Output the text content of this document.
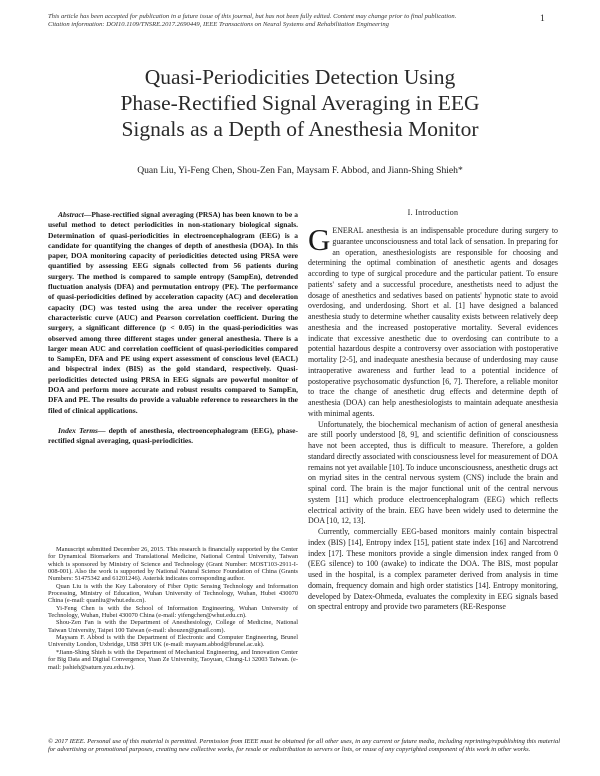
This article has been accepted for publication in a future issue of this journal, but has not been fully edited. Content may change prior to final publication.
Citation information: DOI10.1109/TNSRE.2017.2690449, IEEE Transactions on Neural Systems and Rehabilitation Engineering
1
Quasi-Periodicities Detection Using
Phase-Rectified Signal Averaging in EEG
Signals as a Depth of Anesthesia Monitor
Quan Liu, Yi-Feng Chen, Shou-Zen Fan, Maysam F. Abbod, and Jiann-Shing Shieh*

Abstract—Phase-rectified signal averaging (PRSA) has been known to be a useful method to detect periodicities in non-stationary biological signals. Determination of quasi-periodicities in electroencephalogram (EEG) is a candidate for quantifying the changes of depth of anesthesia (DOA). In this paper, DOA monitoring capacity of periodicities detected using PRSA were quantified by assessing EEG signals collected from 56 patients during surgery. The method is compared to sample entropy (SampEn), detrended fluctuation analysis (DFA) and permutation entropy (PE). The performance of quasi-periodicities defined by acceleration capacity (AC) and deceleration capacity (DC) was tested using the area under the receiver operating characteristic curve (AUC) and Pearson correlation coefficient. During the surgery, a significant difference (p < 0.05) in the quasi-periodicities was observed among three different stages under general anesthesia. There is a larger mean AUC and correlation coefficient of quasi-periodicities compared to SampEn, DFA and PE using expert assessment of conscious level (EACL) and bispectral index (BIS) as the gold standard, respectively. Quasi-periodicities detected using PRSA in EEG signals are powerful monitor of DOA and perform more accurate and robust results compared to SampEn, DFA and PE. The results do provide a valuable reference to researchers in the filed of clinical applications.

Index Terms— depth of anesthesia, electroencephalogram (EEG), phase-rectified signal averaging, quasi-periodicities.

Manuscript submitted December 26, 2015. This research is financially supported by the Center for Dynamical Biomarkers and Translational Medicine, National Central University, Taiwan which is sponsored by Ministry of Science and Technology (Grant Number: MOST103-2911-I-008-001). Also the work is supported by National Natural Science Foundation of China (Grants Numbers: 51475342 and 61201246). Asterisk indicates corresponding author.

Quan Liu is with the Key Laboratory of Fiber Optic Sensing Technology and Information Processing, Ministry of Education, Wuhan University of Technology, Wuhan, Hubei 430070 China (e-mail: quanliu@whut.edu.cn).

Yi-Feng Chen is with the School of Information Engineering, Wuhan University of Technology, Wuhan, Hubei 430070 China (e-mail: yifengchen@whut.edu.cn).

Shou-Zen Fan is with the Department of Anesthesiology, College of Medicine, National Taiwan University, Taipei 100 Taiwan (e-mail: shouzen@gmail.com).

Maysam F. Abbod is with the Department of Electronic and Computer Engineering, Brunel University London, Uxbridge, UB8 3PH UK (e-mail: maysam.abbod@brunel.ac.uk).

*Jiann-Shing Shieh is with the Department of Mechanical Engineering, and Innovation Center for Big Data and Digital Convergence, Yuan Ze University, Taoyuan, Chung-Li 32003 Taiwan. (e-mail: jsshieh@saturn.yzu.edu.tw).

I. Introduction

GENERAL anesthesia is an indispensable procedure during surgery to guarantee unconsciousness and total lack of sensation. In preparing for an operation, anesthesiologists are responsible for choosing and determining the optimal combination of anesthetic agents and dosages according to type of surgical procedure and the particular patient. To ensure patients' safety and a successful procedure, anesthetists need to adjust the dosage of anesthetics and sedatives based on patients' hypnotic state to avoid overdosing, and underdosing. Short et al. [1] have designed a balanced anesthesia study to determine whether causality exists between relatively deep anesthesia and the increased postoperative mortality. Several evidences indicate that excessive anesthetic due to overdosing can contribute to a potential hazardous despite a controversy over association with postoperative mortality [2-5], and inadequate anesthesia because of underdosing may cause intraoperative awareness and further lead to a potential incidence of postoperative psychosomatic dysfunction [6, 7]. Therefore, a reliable monitor to trace the change of anesthetic drug effects and determine depth of anesthesia (DOA) can help anesthesiologists to maintain adequate anesthesia with minimal agents.

Unfortunately, the biochemical mechanism of action of general anesthesia are still poorly understood [8, 9], and scientific definition of consciousness have not been accepted, thus is difficult to measure. Therefore, a golden standard directly associated with consciousness level for measurement of DOA remains not yet available [10]. To induce unconsciousness, anesthetic drugs act on myriad sites in the central nervous system (CNS) include the brain and spinal cord. The brain is the major functional unit of the central nervous system [11] which produce electroencephalogram (EEG) which reflects electrical activity of the brain. EEG have been widely used to determine the DOA [10, 12, 13].

Currently, commercially EEG-based monitors mainly contain bispectral index (BIS) [14], Entropy index [15], patient state index [16] and Narcotrend index [17]. These monitors provide a single dimension index ranged from 0 (EEG silence) to 100 (awake) to indicate the DOA. The BIS, most popular used in the hospital, is a complex parameter derived from analysis in time domain, frequency domain and high order statistics [14]. Entropy monitoring, developed by Datex-Ohmeda, evaluates the complexity in EEG signals based on spectral entropy and provide two parameters (RE-Response

© 2017 IEEE. Personal use of this material is permitted. Permission from IEEE must be obtained for all other uses, in any current or future media, including reprinting/republishing this material for advertising or promotional purposes, creating new collective works, for resale or redistribution to servers or lists, or reuse of any copyrighted component of this work in other works.
